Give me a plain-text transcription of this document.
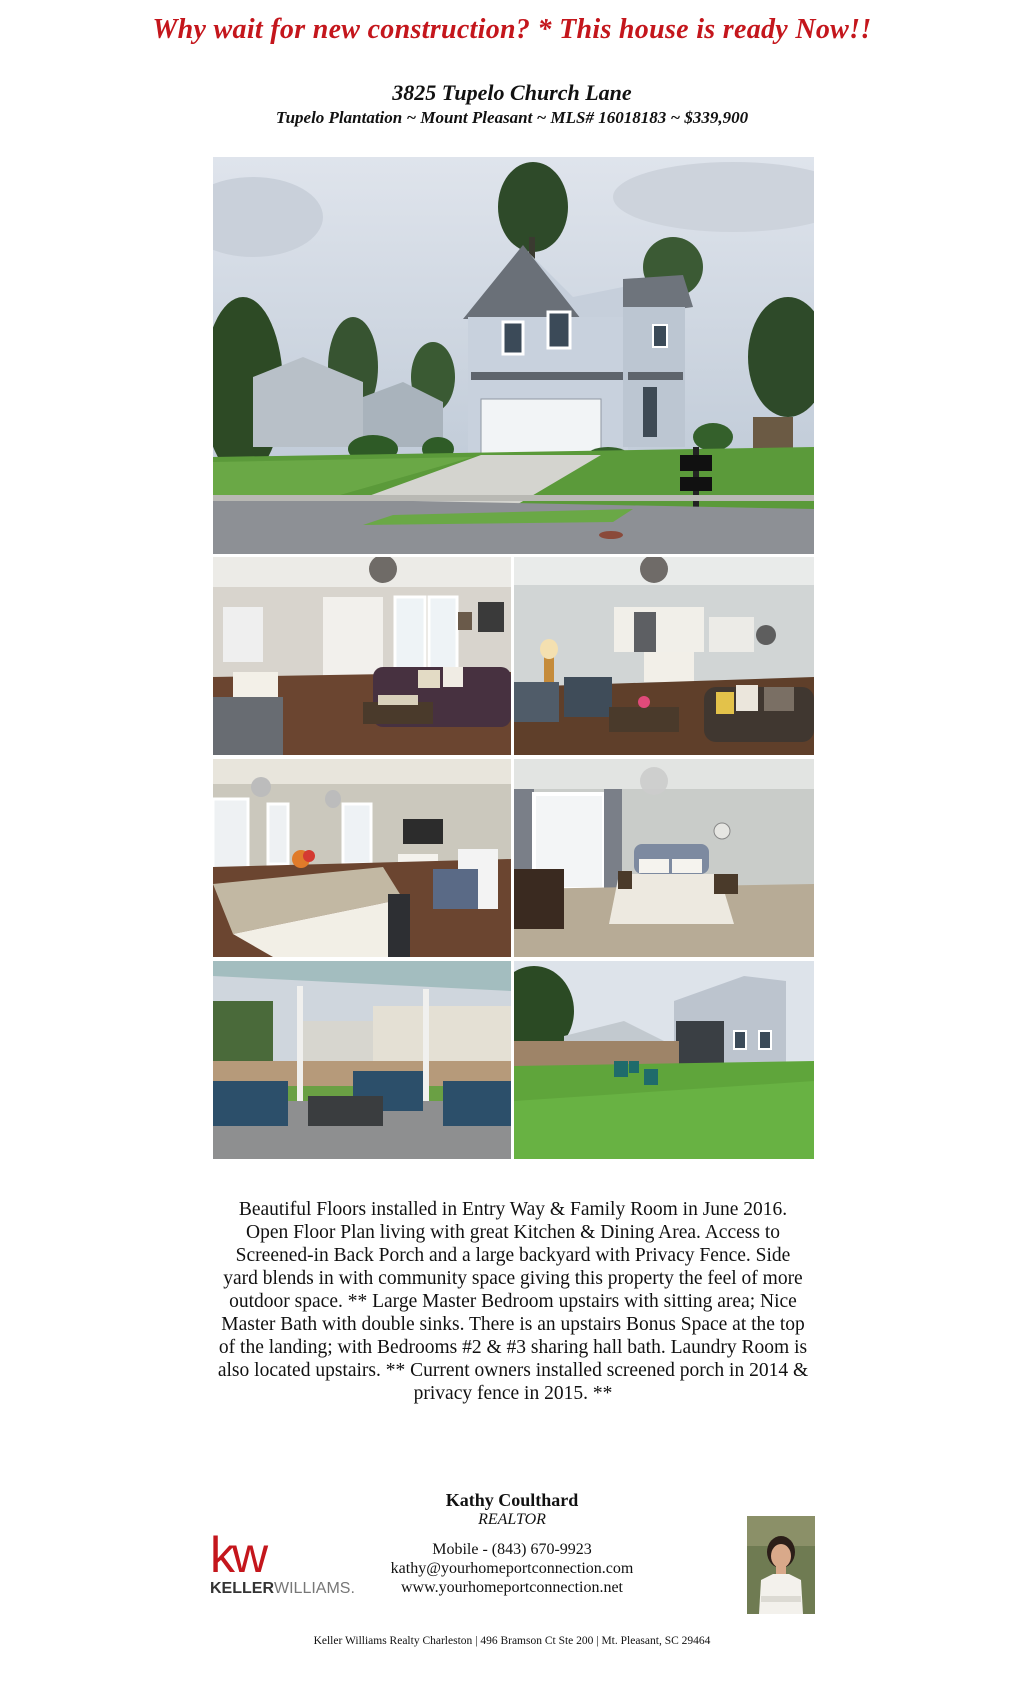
Why wait for new construction? * This house is ready Now!!
3825 Tupelo Church Lane
Tupelo Plantation ~ Mount Pleasant ~ MLS# 16018183 ~ $339,900
Beautiful Floors installed in Entry Way & Family Room in June 2016. Open Floor Plan living with great Kitchen & Dining Area. Access to Screened-in Back Porch and a large backyard with Privacy Fence. Side yard blends in with community space giving this property the feel of more outdoor space. ** Large Master Bedroom upstairs with sitting area; Nice Master Bath with double sinks. There is an upstairs Bonus Space at the top of the landing; with Bedrooms #2 & #3 sharing hall bath. Laundry Room is also located upstairs. ** Current owners installed screened porch in 2014 & privacy fence in 2015. **
Kathy Coulthard
REALTOR
Mobile - (843) 670-9923
kathy@yourhomeportconnection.com
www.yourhomeportconnection.net
kw
KELLERWILLIAMS.
Keller Williams Realty Charleston | 496 Bramson Ct Ste 200 | Mt. Pleasant, SC 29464
